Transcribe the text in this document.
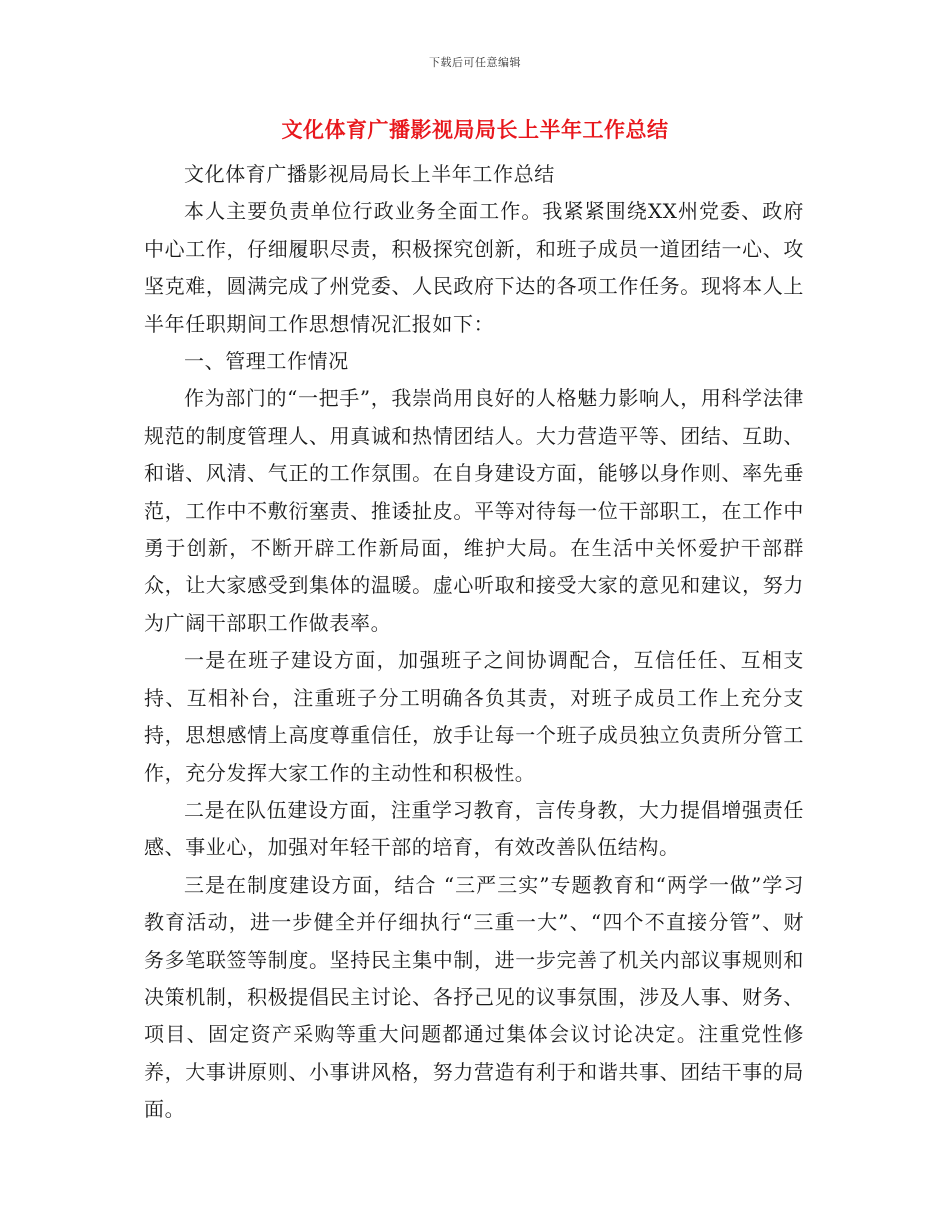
下载后可任意编辑
文化体育广播影视局局长上半年工作总结

文化体育广播影视局局长上半年工作总结

本人主要负责单位行政业务全面工作。我紧紧围绕XX州党委、政府中心工作，仔细履职尽责，积极探究创新，和班子成员一道团结一心、攻坚克难，圆满完成了州党委、人民政府下达的各项工作任务。现将本人上半年任职期间工作思想情况汇报如下：

一、管理工作情况

作为部门的“一把手”，我崇尚用良好的人格魅力影响人，用科学法律规范的制度管理人、用真诚和热情团结人。大力营造平等、团结、互助、和谐、风清、气正的工作氛围。在自身建设方面，能够以身作则、率先垂范，工作中不敷衍塞责、推诿扯皮。平等对待每一位干部职工，在工作中勇于创新，不断开辟工作新局面，维护大局。在生活中关怀爱护干部群众，让大家感受到集体的温暖。虚心听取和接受大家的意见和建议，努力为广阔干部职工作做表率。

一是在班子建设方面，加强班子之间协调配合，互信任任、互相支持、互相补台，注重班子分工明确各负其责，对班子成员工作上充分支持，思想感情上高度尊重信任，放手让每一个班子成员独立负责所分管工作，充分发挥大家工作的主动性和积极性。

二是在队伍建设方面，注重学习教育，言传身教，大力提倡增强责任感、事业心，加强对年轻干部的培育，有效改善队伍结构。

三是在制度建设方面，结合 “三严三实”专题教育和“两学一做”学习教育活动，进一步健全并仔细执行“三重一大”、“四个不直接分管”、财务多笔联签等制度。坚持民主集中制，进一步完善了机关内部议事规则和决策机制，积极提倡民主讨论、各抒己见的议事氛围，涉及人事、财务、项目、固定资产采购等重大问题都通过集体会议讨论决定。注重党性修养，大事讲原则、小事讲风格，努力营造有利于和谐共事、团结干事的局面。
